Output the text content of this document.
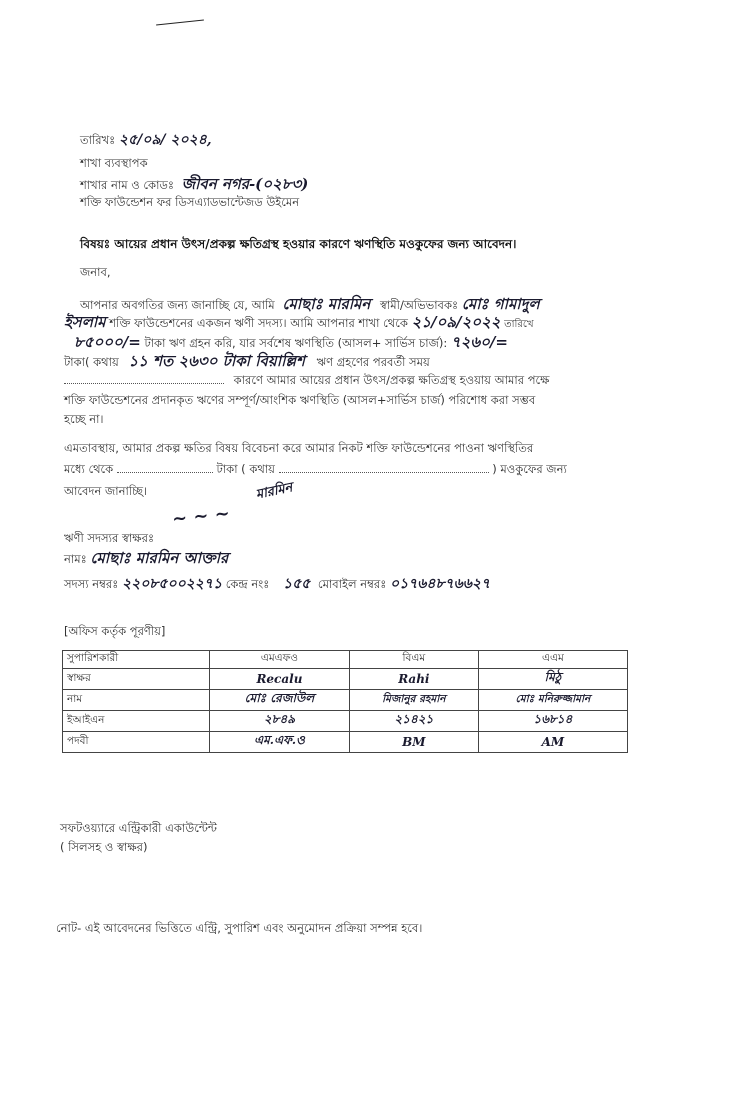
তারিখঃ ২৫/০৯/ ২০২৪,
শাখা ব্যবস্থাপক
শাখার নাম ও কোডঃ জীবন নগর-(০২৮৩)
শক্তি ফাউন্ডেশন ফর ডিসএ্যাডভান্টেজড উইমেন
বিষয়ঃ আয়ের প্রধান উৎস/প্রকল্প ক্ষতিগ্রস্থ হওয়ার কারণে ঋণস্থিতি মওকুফের জন্য আবেদন।
জনাব,
আপনার অবগতির জন্য জানাচ্ছি যে, আমি মোছাঃ মারমিন স্বামী/অভিভাবকঃ মোঃ গামাদুল
ইসলাম শক্তি ফাউন্ডেশনের একজন ঋণী সদস্য। আমি আপনার শাখা থেকে ২১/০৯/২০২২ তারিখে
৮৫০০০/= টাকা ঋণ গ্রহন করি, যার সর্বশেষ ঋণস্থিতি (আসল+ সার্ভিস চার্জ): ৭২৬০/=
টাকা( কথায় ১১ শত ২৬৩০ টাকা বিয়াল্লিশ ঋণ গ্রহণের পরবর্তী সময়
কারণে আমার আয়ের প্রধান উৎস/প্রকল্প ক্ষতিগ্রস্থ হওয়ায় আমার পক্ষে
শক্তি ফাউন্ডেশনের প্রদানকৃত ঋণের সম্পূর্ণ/আংশিক ঋণস্থিতি (আসল+সার্ভিস চার্জ) পরিশোধ করা সম্ভব
হচ্ছে না।
এমতাবস্থায়, আমার প্রকল্প ক্ষতির বিষয় বিবেচনা করে আমার নিকট শক্তি ফাউন্ডেশনের পাওনা ঋণস্থিতির
মধ্যে থেকে	টাকা ( কথায়	) মওকুফের জন্য
আবেদন জানাচ্ছি।	মারমিন
~ ~ ~
ঋণী সদস্যর স্বাক্ষরঃ
নামঃ মোছাঃ মারমিন আক্তার
সদস্য নম্বরঃ ২২০৮৫০০২২৭১ কেন্দ্র নংঃ ১৫৫ মোবাইল নম্বরঃ ০১৭৬৪৮৭৬৬২৭
[অফিস কর্তৃক পূরণীয়]
সুপারিশকারী	এমএফও	বিএম	এএম
স্বাক্ষর	Recalu	Rahi	মিঠু

নাম	মোঃ রেজাউল	মিজানুর রহমান	মোঃ মনিরুজ্জামান

ইআইএন	২৮৪৯	২১৪২১	১৬৮১৪

পদবী	এম.এফ.ও	BM	AM
সফটওয়্যারে এন্ট্রিকারী একাউন্টেন্ট
( সিলসহ ও স্বাক্ষর)
নোট- এই আবেদনের ভিত্তিতে এন্ট্রি, সুপারিশ এবং অনুমোদন প্রক্রিয়া সম্পন্ন হবে।
